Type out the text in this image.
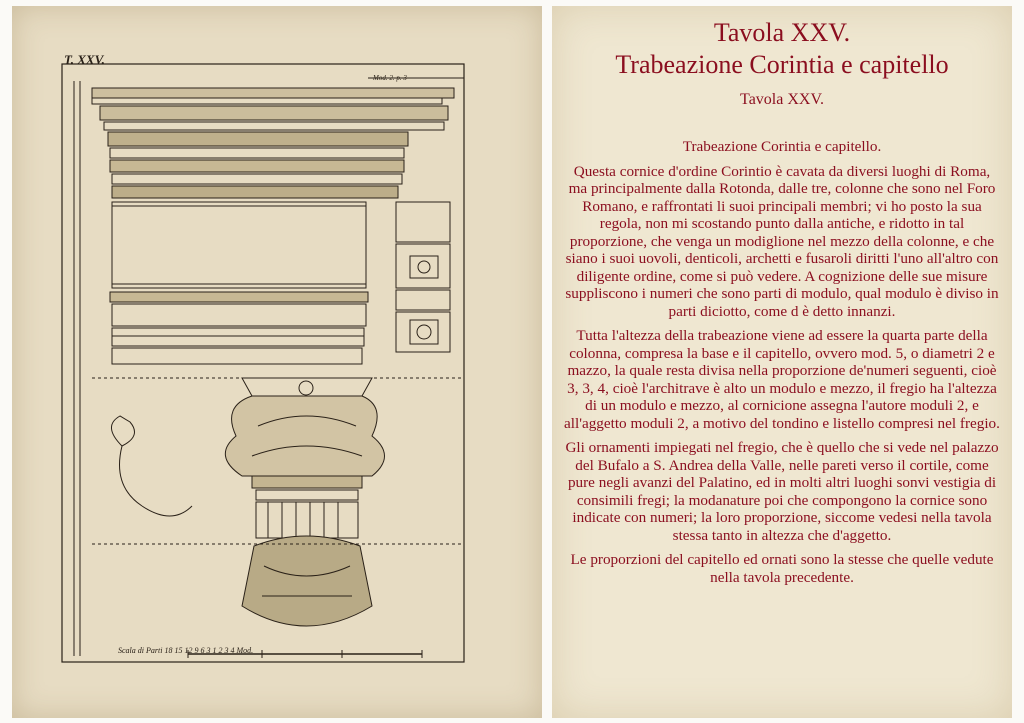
T. XXV.
Mod. 2. p. 3
Scala di Parti 18 15 12 9 6 3 1 2 3 4 Mod.
Tavola XXV.
Trabeazione Corintia e capitello
Tavola XXV.

Trabeazione Corintia e capitello.

Questa cornice d'ordine Corintio è cavata da diversi luoghi di Roma, ma principalmente dalla Rotonda, dalle tre, colonne che sono nel Foro Romano, e raffrontati li suoi principali membri; vi ho posto la sua regola, non mi scostando punto dalla antiche, e ridotto in tal proporzione, che venga un modiglione nel mezzo della colonne, e che siano i suoi uovoli, denticoli, archetti e fusaroli diritti l'uno all'altro con diligente ordine, come si può vedere. A cognizione delle sue misure suppliscono i numeri che sono parti di modulo, qual modulo è diviso in parti diciotto, come d è detto innanzi.

Tutta l'altezza della trabeazione viene ad essere la quarta parte della colonna, compresa la base e il capitello, ovvero mod. 5, o diametri 2 e mazzo, la quale resta divisa nella proporzione de'numeri seguenti, cioè 3, 3, 4, cioè l'architrave è alto un modulo e mezzo, il fregio ha l'altezza di un modulo e mezzo, al cornicione assegna l'autore moduli 2, e all'aggetto moduli 2, a motivo del tondino e listello compresi nel fregio.

Gli ornamenti impiegati nel fregio, che è quello che si vede nel palazzo del Bufalo a S. Andrea della Valle, nelle pareti verso il cortile, come pure negli avanzi del Palatino, ed in molti altri luoghi sonvi vestigia di consimili fregi; la modanature poi che compongono la cornice sono indicate con numeri; la loro proporzione, siccome vedesi nella tavola stessa tanto in altezza che d'aggetto.

Le proporzioni del capitello ed ornati sono la stesse che quelle vedute nella tavola precedente.
